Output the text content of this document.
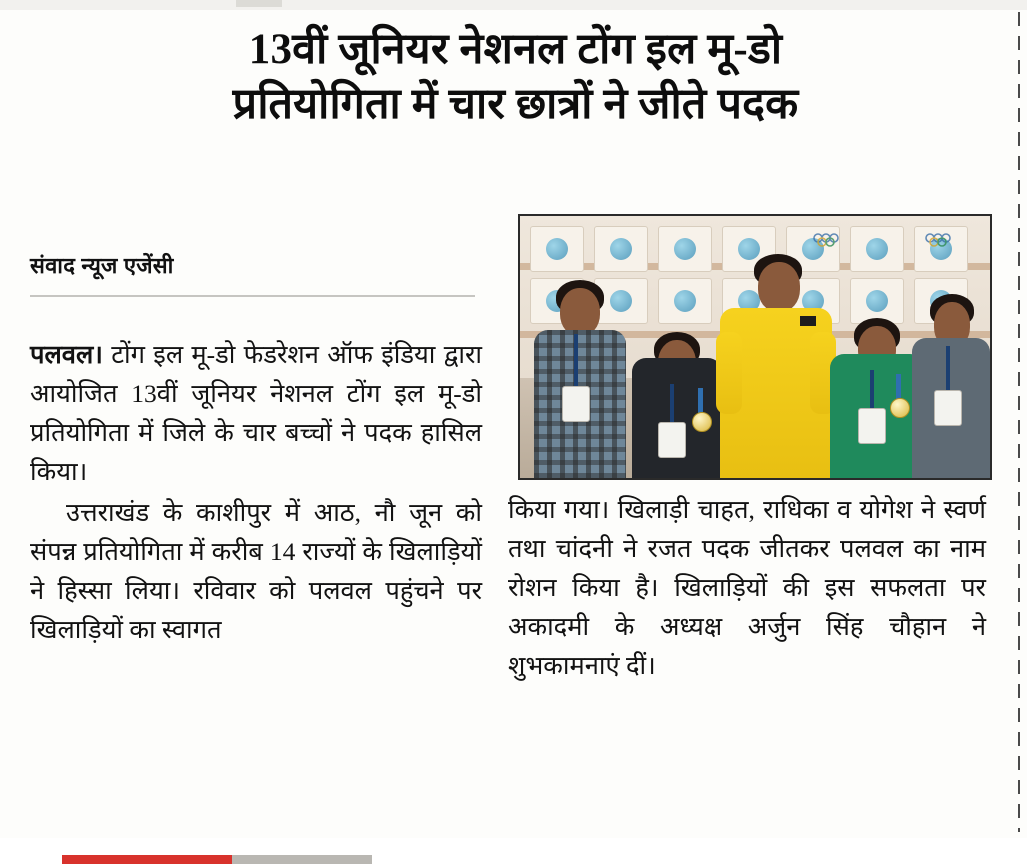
13वीं जूनियर नेशनल टोंग इल मू-डो
प्रतियोगिता में चार छात्रों ने जीते पदक
संवाद न्यूज एजेंसी

पलवल। टोंग इल मू-डो फेडरेशन ऑफ इंडिया द्वारा आयोजित 13वीं जूनियर नेशनल टोंग इल मू-डो प्रतियोगिता में जिले के चार बच्चों ने पदक हासिल किया।

उत्तराखंड के काशीपुर में आठ, नौ जून को संपन्न प्रतियोगिता में करीब 14 राज्यों के खिलाड़ियों ने हिस्सा लिया। रविवार को पलवल पहुंचने पर खिलाड़ियों का स्वागत

किया गया। खिलाड़ी चाहत, राधिका व योगेश ने स्वर्ण तथा चांदनी ने रजत पदक जीतकर पलवल का नाम रोशन किया है। खिलाड़ियों की इस सफलता पर अकादमी के अध्यक्ष अर्जुन सिंह चौहान ने शुभकामनाएं दीं।
